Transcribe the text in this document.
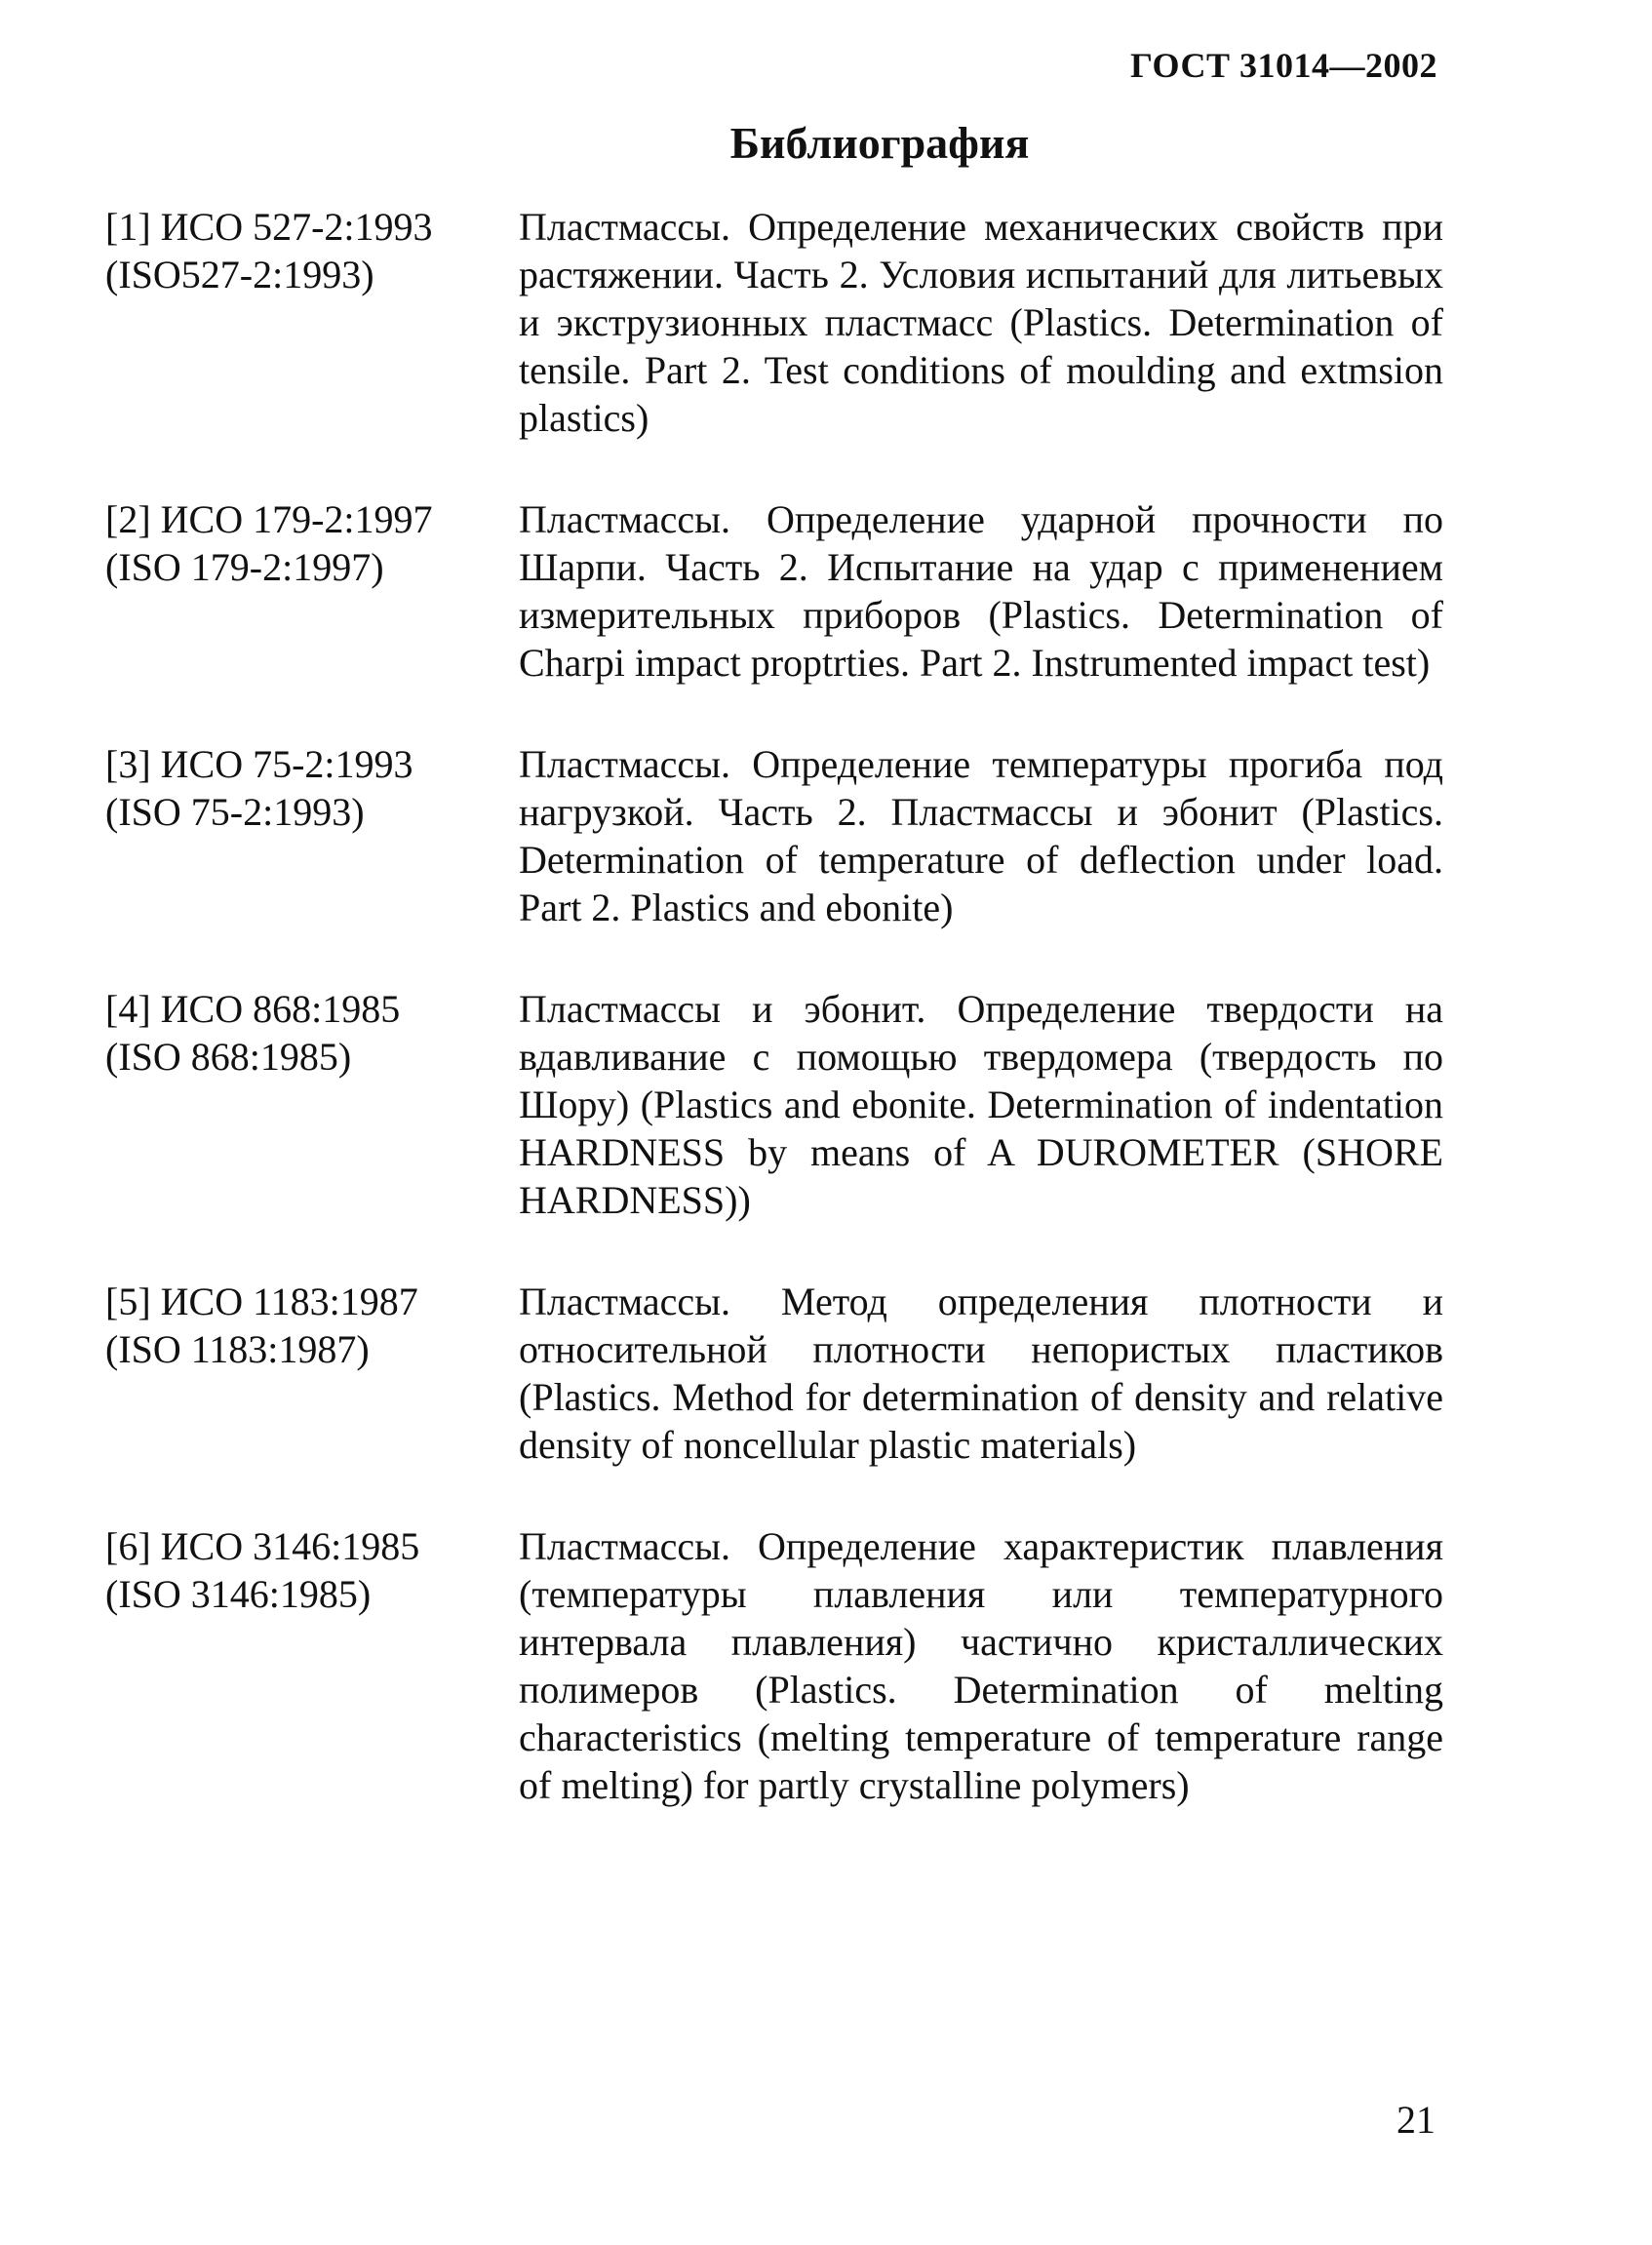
ГОСТ 31014—2002
Библиография
[1] ИСО 527-2:1993
(ISO527-2:1993)
Пластмассы. Определение механических свойств при растяжении. Часть 2. Условия испытаний для литьевых и экструзионных пластмасс (Plastics. Determination of tensile. Part 2. Test conditions of moulding and extmsion plastics)
[2] ИСО 179-2:1997
(ISO 179-2:1997)
Пластмассы. Определение ударной прочности по Шарпи. Часть 2. Испытание на удар с применением измерительных приборов (Plastics. Determination of Charpi impact proptrties. Part 2. Instrumented impact test)
[3] ИСО 75-2:1993
(ISO 75-2:1993)
Пластмассы. Определение температуры прогиба под нагрузкой. Часть 2. Пластмассы и эбонит (Plastics. Determination of temperature of deflection under load. Part 2. Plastics and ebonite)
[4] ИСО 868:1985
(ISO 868:1985)
Пластмассы и эбонит. Определение твердости на вдавливание с помощью твердомера (твердость по Шору) (Plastics and ebonite. Determination of indentation HARDNESS by means of A DUROMETER (SHORE HARDNESS))
[5] ИСО 1183:1987
(ISO 1183:1987)
Пластмассы. Метод определения плотности и относительной плотности непористых пластиков (Plastics. Method for determination of density and relative density of noncellular plastic materials)
[6] ИСО 3146:1985
(ISO 3146:1985)
Пластмассы. Определение характеристик плавления (температуры плавления или температурного интервала плавления) частично кристаллических полимеров (Plastics. Determination of melting characteristics (melting temperature of temperature range of melting) for partly crystalline polymers)
21
